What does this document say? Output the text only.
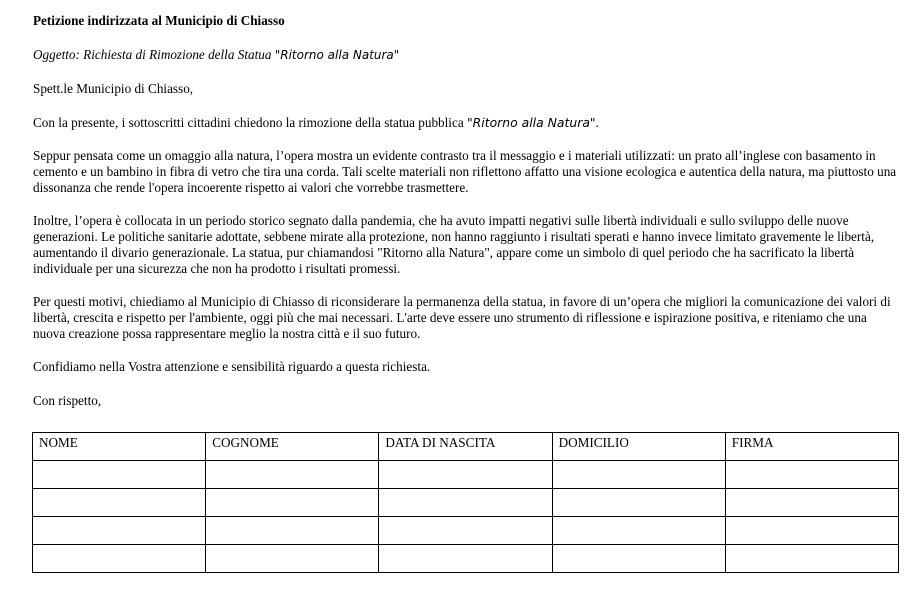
Petizione indirizzata al Municipio di Chiasso

Oggetto: Richiesta di Rimozione della Statua "Ritorno alla Natura"

Spett.le Municipio di Chiasso,

Con la presente, i sottoscritti cittadini chiedono la rimozione della statua pubblica "Ritorno alla Natura".

Seppur pensata come un omaggio alla natura, l’opera mostra un evidente contrasto tra il messaggio e i materiali utilizzati: un prato all’inglese con basamento in cemento e un bambino in fibra di vetro che tira una corda. Tali scelte materiali non riflettono affatto una visione ecologica e autentica della natura, ma piuttosto una dissonanza che rende l'opera incoerente rispetto ai valori che vorrebbe trasmettere.

Inoltre, l’opera è collocata in un periodo storico segnato dalla pandemia, che ha avuto impatti negativi sulle libertà individuali e sullo sviluppo delle nuove generazioni. Le politiche sanitarie adottate, sebbene mirate alla protezione, non hanno raggiunto i risultati sperati e hanno invece limitato gravemente le libertà, aumentando il divario generazionale. La statua, pur chiamandosi "Ritorno alla Natura", appare come un simbolo di quel periodo che ha sacrificato la libertà individuale per una sicurezza che non ha prodotto i risultati promessi.

Per questi motivi, chiediamo al Municipio di Chiasso di riconsiderare la permanenza della statua, in favore di un’opera che migliori la comunicazione dei valori di libertà, crescita e rispetto per l'ambiente, oggi più che mai necessari. L'arte deve essere uno strumento di riflessione e ispirazione positiva, e riteniamo che una nuova creazione possa rappresentare meglio la nostra città e il suo futuro.

Confidiamo nella Vostra attenzione e sensibilità riguardo a questa richiesta.

Con rispetto,

NOME	COGNOME	DATA DI NASCITA	DOMICILIO	FIRMA
